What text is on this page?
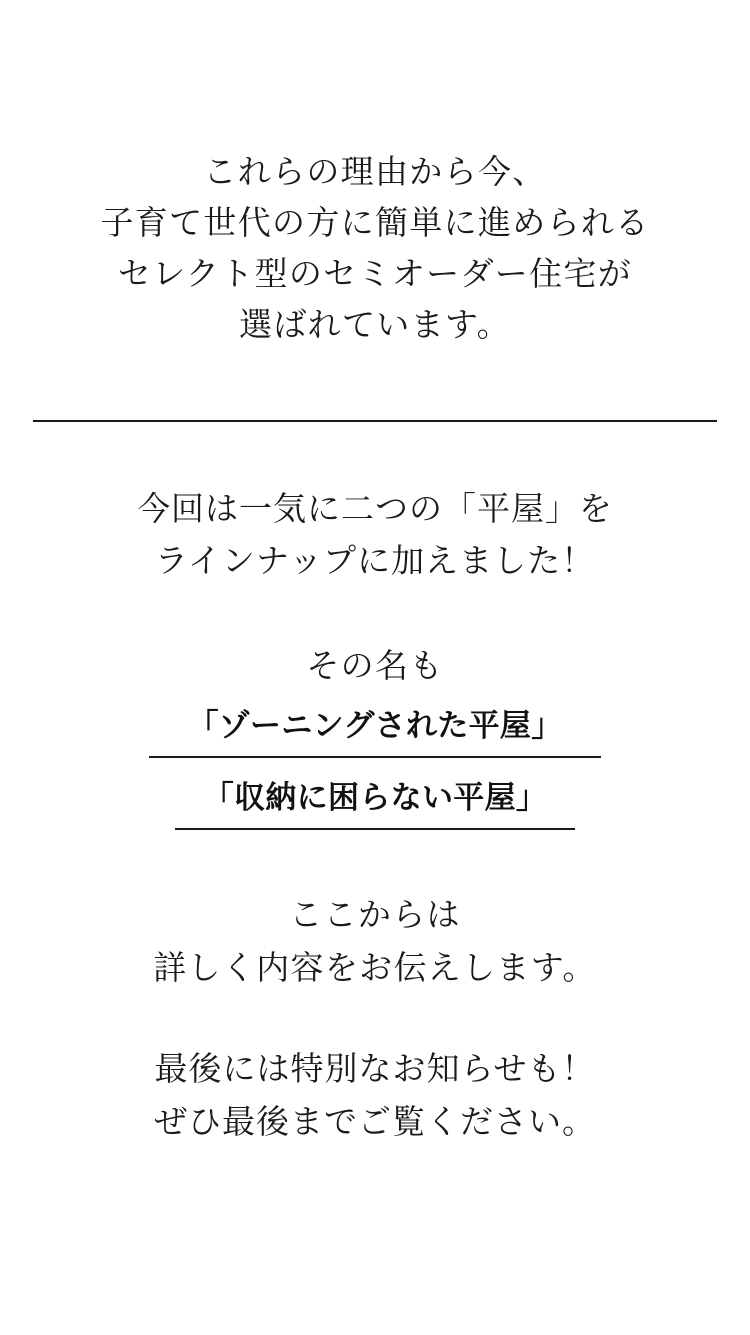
これらの理由から今、
子育て世代の方に簡単に進められる
セレクト型のセミオーダー住宅が
選ばれています。
今回は一気に二つの「平屋」を
ラインナップに加えました！
その名も
「ゾーニングされた平屋」
「収納に困らない平屋」
ここからは
詳しく内容をお伝えします。
最後には特別なお知らせも！
ぜひ最後までご覧ください。
